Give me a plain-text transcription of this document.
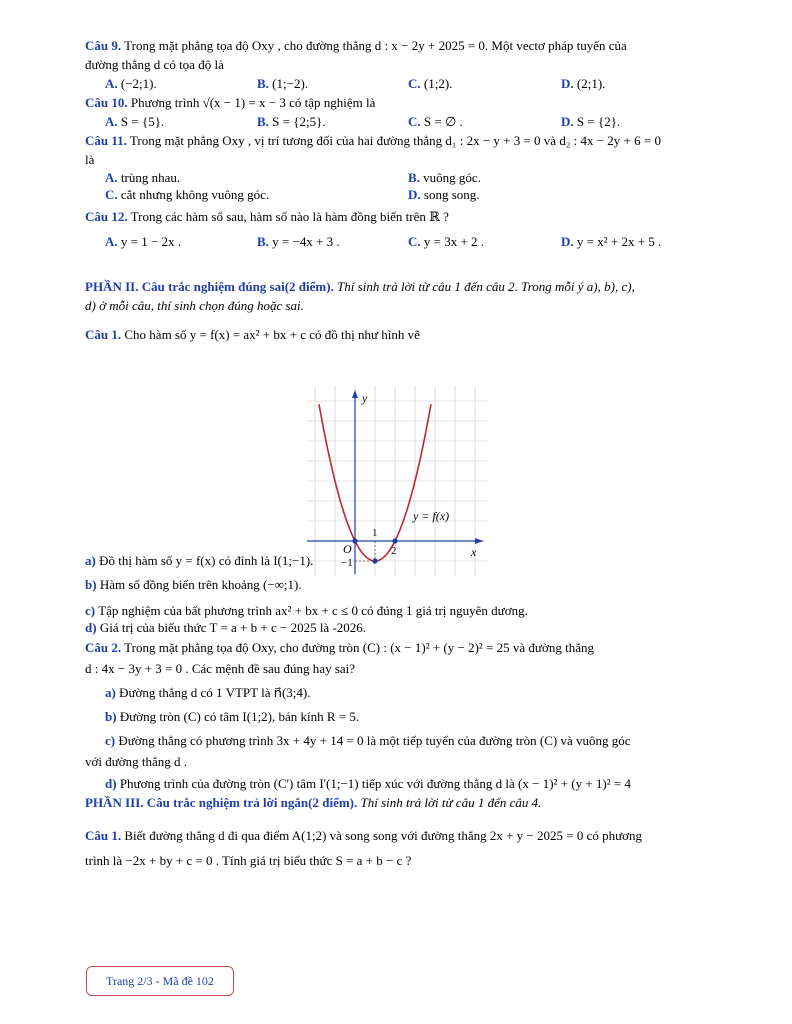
Câu 9. Trong mặt phẳng tọa độ Oxy , cho đường thẳng d : x − 2y + 2025 = 0. Một vectơ pháp tuyến của
đường thẳng d có tọa độ là
A. (−2;1).	B. (1;−2).	C. (1;2).	D. (2;1).

Câu 10. Phương trình √(x − 1) = x − 3 có tập nghiệm là
A. S = {5}.	B. S = {2;5}.	C. S = ∅ .	D. S = {2}.

Câu 11. Trong mặt phẳng Oxy , vị trí tương đối của hai đường thẳng d₁ : 2x − y + 3 = 0 và d₂ : 4x − 2y + 6 = 0
là
A. trùng nhau.	B. vuông góc.

C. cắt nhưng không vuông góc.	D. song song.

Câu 12. Trong các hàm số sau, hàm số nào là hàm đồng biến trên ℝ ?
A. y = 1 − 2x .	B. y = −4x + 3 .	C. y = 3x + 2 .	D. y = x² + 2x + 5 .

PHẦN II. Câu trắc nghiệm đúng sai(2 điểm). Thí sinh trả lời từ câu 1 đến câu 2. Trong mỗi ý a), b), c),
d) ở mỗi câu, thí sinh chọn đúng hoặc sai.
Câu 1. Cho hàm số y = f(x) = ax² + bx + c có đồ thị như hình vẽ
a) Đồ thị hàm số y = f(x) có đỉnh là I(1;−1).
b) Hàm số đồng biến trên khoảng (−∞;1).
c) Tập nghiệm của bất phương trình ax² + bx + c ≤ 0 có đúng 1 giá trị nguyên dương.
d) Giá trị của biểu thức T = a + b + c − 2025 là -2026.
Câu 2. Trong mặt phẳng tọa độ Oxy, cho đường tròn (C) : (x − 1)² + (y − 2)² = 25 và đường thẳng
d : 4x − 3y + 3 = 0 . Các mệnh đề sau đúng hay sai?
a) Đường thẳng d có 1 VTPT là n⃗(3;4).
b) Đường tròn (C) có tâm I(1;2), bán kính R = 5.
c) Đường thẳng có phương trình 3x + 4y + 14 = 0 là một tiếp tuyến của đường tròn (C) và vuông góc
với đường thẳng d .
d) Phương trình của đường tròn (C') tâm I'(1;−1) tiếp xúc với đường thẳng d là (x − 1)² + (y + 1)² = 4
PHẦN III. Câu trắc nghiệm trả lời ngắn(2 điểm). Thí sinh trả lời từ câu 1 đến câu 4.
Câu 1. Biết đường thẳng d đi qua điểm A(1;2) và song song với đường thẳng 2x + y − 2025 = 0 có phương
trình là −2x + by + c = 0 . Tính giá trị biểu thức S = a + b − c ?
y
x
O
1
2
−1
y = f(x)
Trang 2/3 - Mã đề 102
